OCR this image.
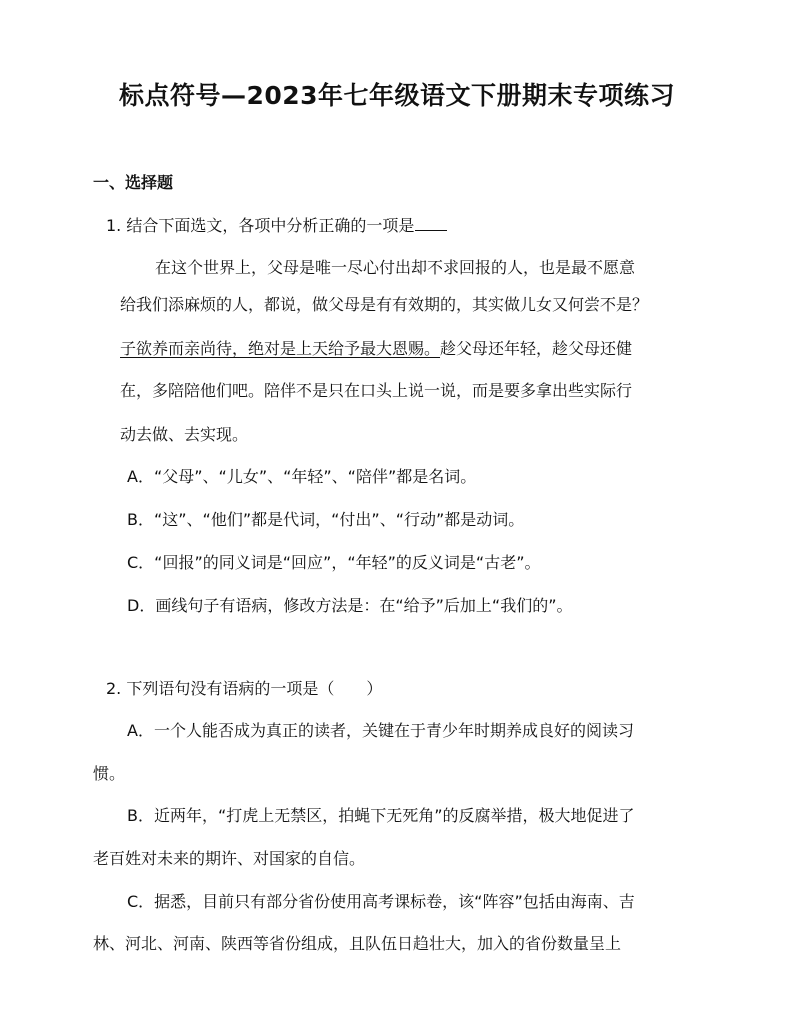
标点符号—2023年七年级语文下册期末专项练习
一、选择题
1. 结合下面选文，各项中分析正确的一项是
在这个世界上，父母是唯一尽心付出却不求回报的人，也是最不愿意
给我们添麻烦的人，都说，做父母是有有效期的，其实做儿女又何尝不是？
子欲养而亲尚待，绝对是上天给予最大恩赐。趁父母还年轻，趁父母还健
在，多陪陪他们吧。陪伴不是只在口头上说一说，而是要多拿出些实际行
动去做、去实现。
A．“父母”、“儿女”、“年轻”、“陪伴”都是名词。
B．“这”、“他们”都是代词，“付出”、“行动”都是动词。
C．“回报”的同义词是“回应”，“年轻”的反义词是“古老”。
D．画线句子有语病，修改方法是：在“给予”后加上“我们的”。
2. 下列语句没有语病的一项是（　　）
A．一个人能否成为真正的读者，关键在于青少年时期养成良好的阅读习
惯。
B．近两年，“打虎上无禁区，拍蝇下无死角”的反腐举措，极大地促进了
老百姓对未来的期许、对国家的自信。
C．据悉，目前只有部分省份使用高考课标卷，该“阵容”包括由海南、吉
林、河北、河南、陕西等省份组成，且队伍日趋壮大，加入的省份数量呈上
